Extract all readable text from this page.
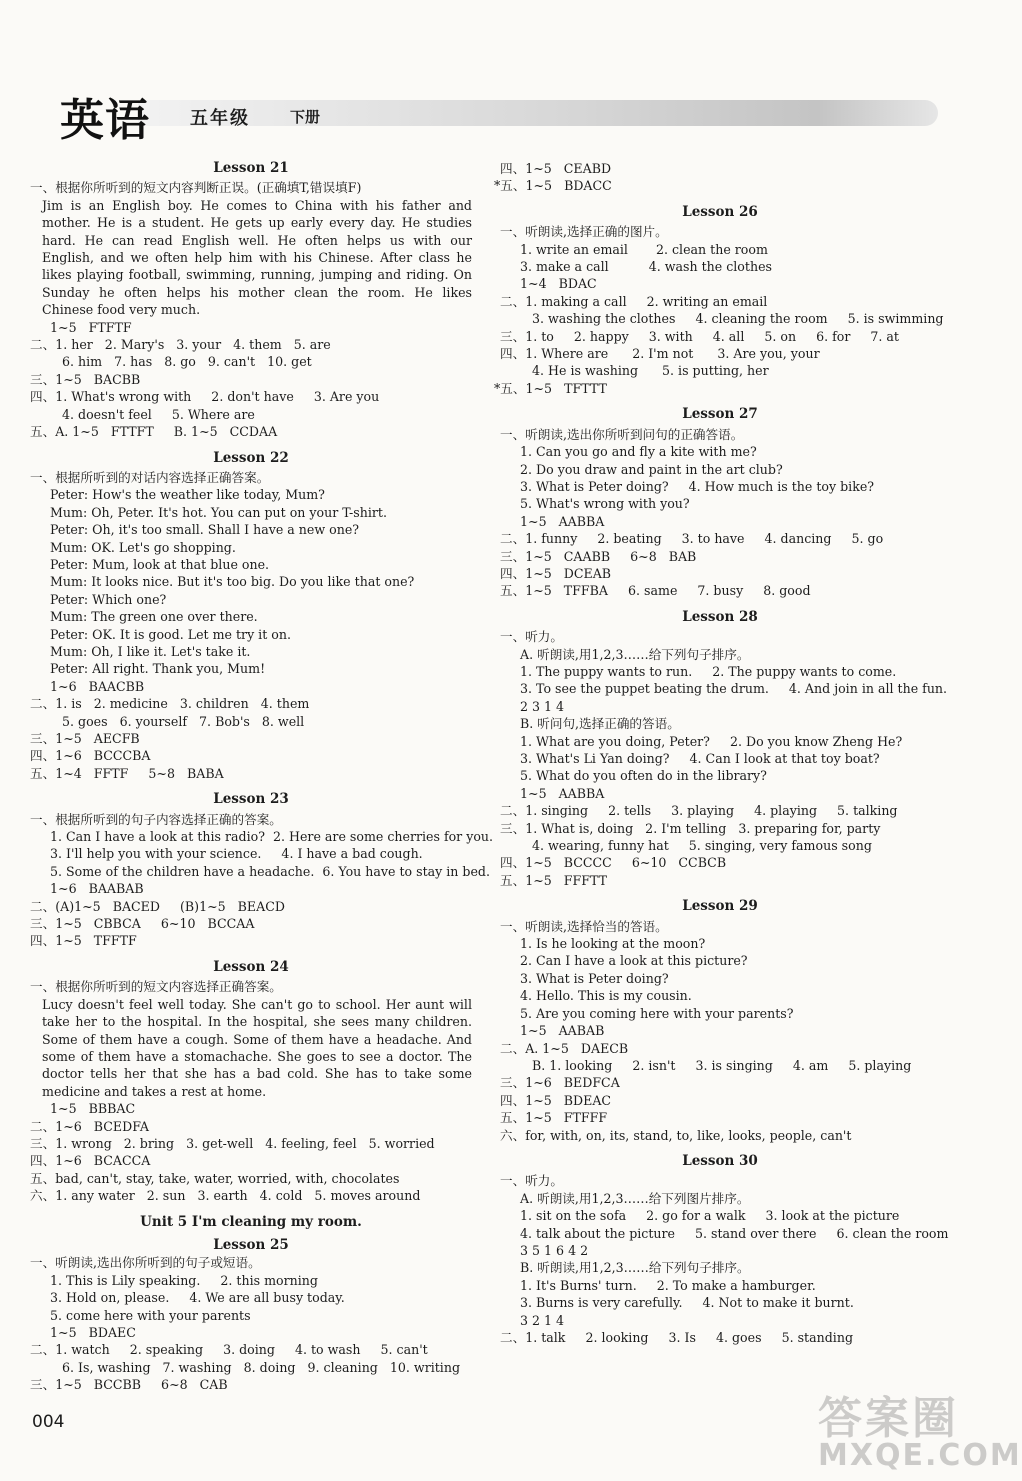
英语 五年级	下册
Lesson 21
一、根据你所听到的短文内容判断正误。(正确填T,错误填F)
Jim is an English boy. He comes to China with his father and mother. He is a student. He gets up early every day. He studies hard. He can read English well. He often helps us with our English, and we often help him with his Chinese. After class he likes playing football, swimming, running, jumping and riding. On Sunday he often helps his mother clean the room. He likes Chinese food very much.
1~5   FTFTF
二、1. her   2. Mary's   3. your   4. them   5. are
6. him   7. has   8. go   9. can't   10. get
三、1~5   BACBB
四、1. What's wrong with     2. don't have     3. Are you
4. doesn't feel     5. Where are
五、A. 1~5   FTTFT     B. 1~5   CCDAA
Lesson 22
一、根据所听到的对话内容选择正确答案。
Peter: How's the weather like today, Mum?
Mum: Oh, Peter. It's hot. You can put on your T-shirt.
Peter: Oh, it's too small. Shall I have a new one?
Mum: OK. Let's go shopping.
Peter: Mum, look at that blue one.
Mum: It looks nice. But it's too big. Do you like that one?
Peter: Which one?
Mum: The green one over there.
Peter: OK. It is good. Let me try it on.
Mum: Oh, I like it. Let's take it.
Peter: All right. Thank you, Mum!
1~6   BAACBB
二、1. is   2. medicine   3. children   4. them
5. goes   6. yourself   7. Bob's   8. well
三、1~5   AECFB
四、1~6   BCCCBA
五、1~4   FFTF     5~8   BABA
Lesson 23
一、根据所听到的句子内容选择正确的答案。
1. Can I have a look at this radio?  2. Here are some cherries for you.
3. I'll help you with your science.     4. I have a bad cough.
5. Some of the children have a headache.  6. You have to stay in bed.
1~6   BAABAB
二、(A)1~5   BACED     (B)1~5   BEACD
三、1~5   CBBCA     6~10   BCCAA
四、1~5   TFFTF
Lesson 24
一、根据你所听到的短文内容选择正确答案。
Lucy doesn't feel well today. She can't go to school. Her aunt will take her to the hospital. In the hospital, she sees many children. Some of them have a cough. Some of them have a headache. And some of them have a stomachache. She goes to see a doctor. The doctor tells her that she has a bad cold. She has to take some medicine and takes a rest at home.
1~5   BBBAC
二、1~6   BCEDFA
三、1. wrong   2. bring   3. get-well   4. feeling, feel   5. worried
四、1~6   BCACCA
五、bad, can't, stay, take, water, worried, with, chocolates
六、1. any water   2. sun   3. earth   4. cold   5. moves around
Unit 5 I'm cleaning my room.
Lesson 25
一、听朗读,选出你所听到的句子或短语。
1. This is Lily speaking.     2. this morning
3. Hold on, please.     4. We are all busy today.
5. come here with your parents
1~5   BDAEC
二、1. watch     2. speaking     3. doing     4. to wash     5. can't
6. Is, washing   7. washing   8. doing   9. cleaning   10. writing
三、1~5   BCCBB     6~8   CAB
四、1~5   CEABD
*五、1~5   BDACC
Lesson 26
一、听朗读,选择正确的图片。
1. write an email       2. clean the room
3. make a call          4. wash the clothes
1~4   BDAC
二、1. making a call     2. writing an email
3. washing the clothes     4. cleaning the room     5. is swimming
三、1. to     2. happy     3. with     4. all     5. on     6. for     7. at
四、1. Where are      2. I'm not      3. Are you, your
4. He is washing      5. is putting, her
*五、1~5   TFTTT
Lesson 27
一、听朗读,选出你所听到问句的正确答语。
1. Can you go and fly a kite with me?
2. Do you draw and paint in the art club?
3. What is Peter doing?     4. How much is the toy bike?
5. What's wrong with you?
1~5   AABBA
二、1. funny     2. beating     3. to have     4. dancing     5. go
三、1~5   CAABB     6~8   BAB
四、1~5   DCEAB
五、1~5   TFFBA     6. same     7. busy     8. good
Lesson 28
一、听力。
A. 听朗读,用1,2,3……给下列句子排序。
1. The puppy wants to run.     2. The puppy wants to come.
3. To see the puppet beating the drum.     4. And join in all the fun.
2 3 1 4
B. 听问句,选择正确的答语。
1. What are you doing, Peter?     2. Do you know Zheng He?
3. What's Li Yan doing?     4. Can I look at that toy boat?
5. What do you often do in the library?
1~5   AABBA
二、1. singing     2. tells     3. playing     4. playing     5. talking
三、1. What is, doing   2. I'm telling   3. preparing for, party
4. wearing, funny hat     5. singing, very famous song
四、1~5   BCCCC     6~10   CCBCB
五、1~5   FFFTT
Lesson 29
一、听朗读,选择恰当的答语。
1. Is he looking at the moon?
2. Can I have a look at this picture?
3. What is Peter doing?
4. Hello. This is my cousin.
5. Are you coming here with your parents?
1~5   AABAB
二、A. 1~5   DAECB
B. 1. looking     2. isn't     3. is singing     4. am     5. playing
三、1~6   BEDFCA
四、1~5   BDEAC
五、1~5   FTFFF
六、for, with, on, its, stand, to, like, looks, people, can't
Lesson 30
一、听力。
A. 听朗读,用1,2,3……给下列图片排序。
1. sit on the sofa     2. go for a walk     3. look at the picture
4. talk about the picture     5. stand over there     6. clean the room
3 5 1 6 4 2
B. 听朗读,用1,2,3……给下列句子排序。
1. It's Burns' turn.     2. To make a hamburger.
3. Burns is very carefully.     4. Not to make it burnt.
3 2 1 4
二、1. talk     2. looking     3. Is     4. goes     5. standing
004	答案圈
MXQE.COM
